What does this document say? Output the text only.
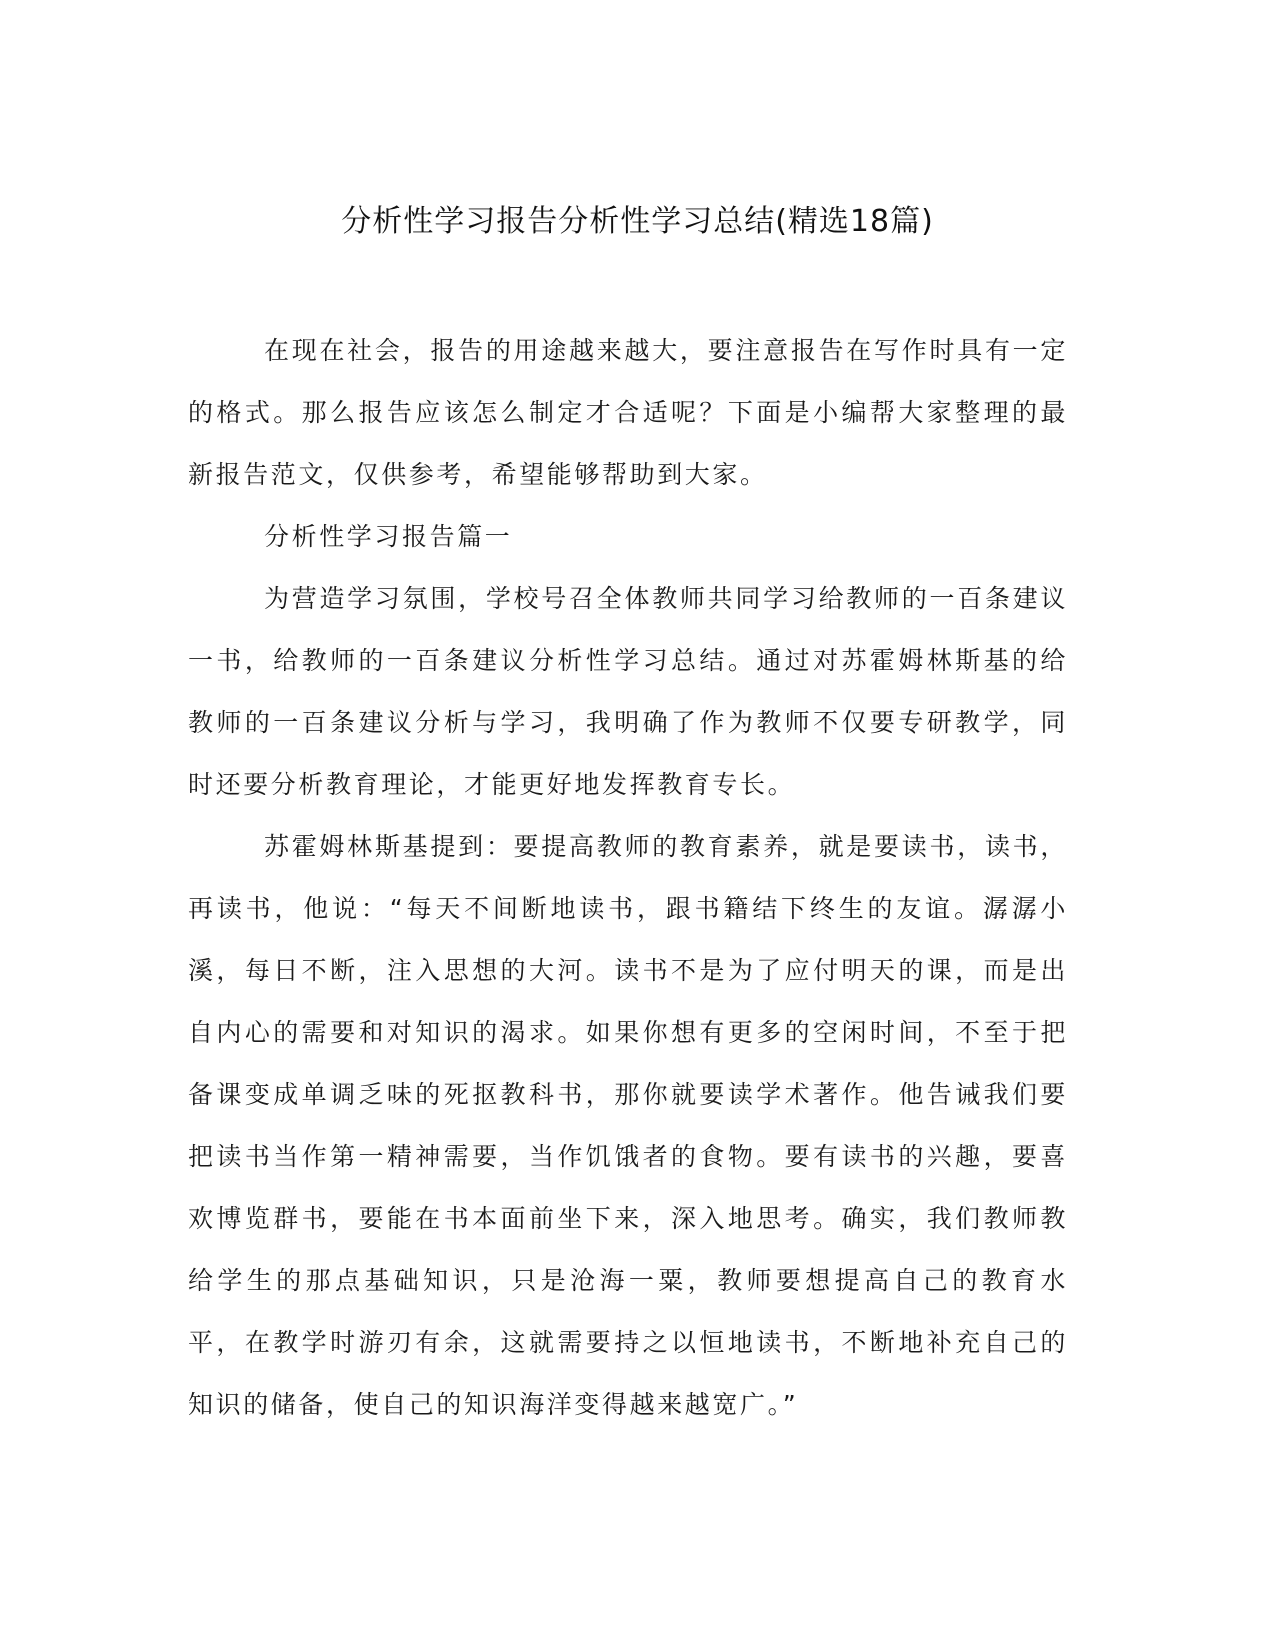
分析性学习报告分析性学习总结(精选18篇)

在现在社会，报告的用途越来越大，要注意报告在写作时具有一定的格式。那么报告应该怎么制定才合适呢？下面是小编帮大家整理的最新报告范文，仅供参考，希望能够帮助到大家。

分析性学习报告篇一

为营造学习氛围，学校号召全体教师共同学习给教师的一百条建议一书，给教师的一百条建议分析性学习总结。通过对苏霍姆林斯基的给教师的一百条建议分析与学习，我明确了作为教师不仅要专研教学，同时还要分析教育理论，才能更好地发挥教育专长。

苏霍姆林斯基提到：要提高教师的教育素养，就是要读书，读书，再读书，他说：“每天不间断地读书，跟书籍结下终生的友谊。潺潺小溪，每日不断，注入思想的大河。读书不是为了应付明天的课，而是出自内心的需要和对知识的渴求。如果你想有更多的空闲时间，不至于把备课变成单调乏味的死抠教科书，那你就要读学术著作。他告诫我们要把读书当作第一精神需要，当作饥饿者的食物。要有读书的兴趣，要喜欢博览群书，要能在书本面前坐下来，深入地思考。确实，我们教师教给学生的那点基础知识，只是沧海一粟，教师要想提高自己的教育水平，在教学时游刃有余，这就需要持之以恒地读书，不断地补充自己的知识的储备，使自己的知识海洋变得越来越宽广。”
